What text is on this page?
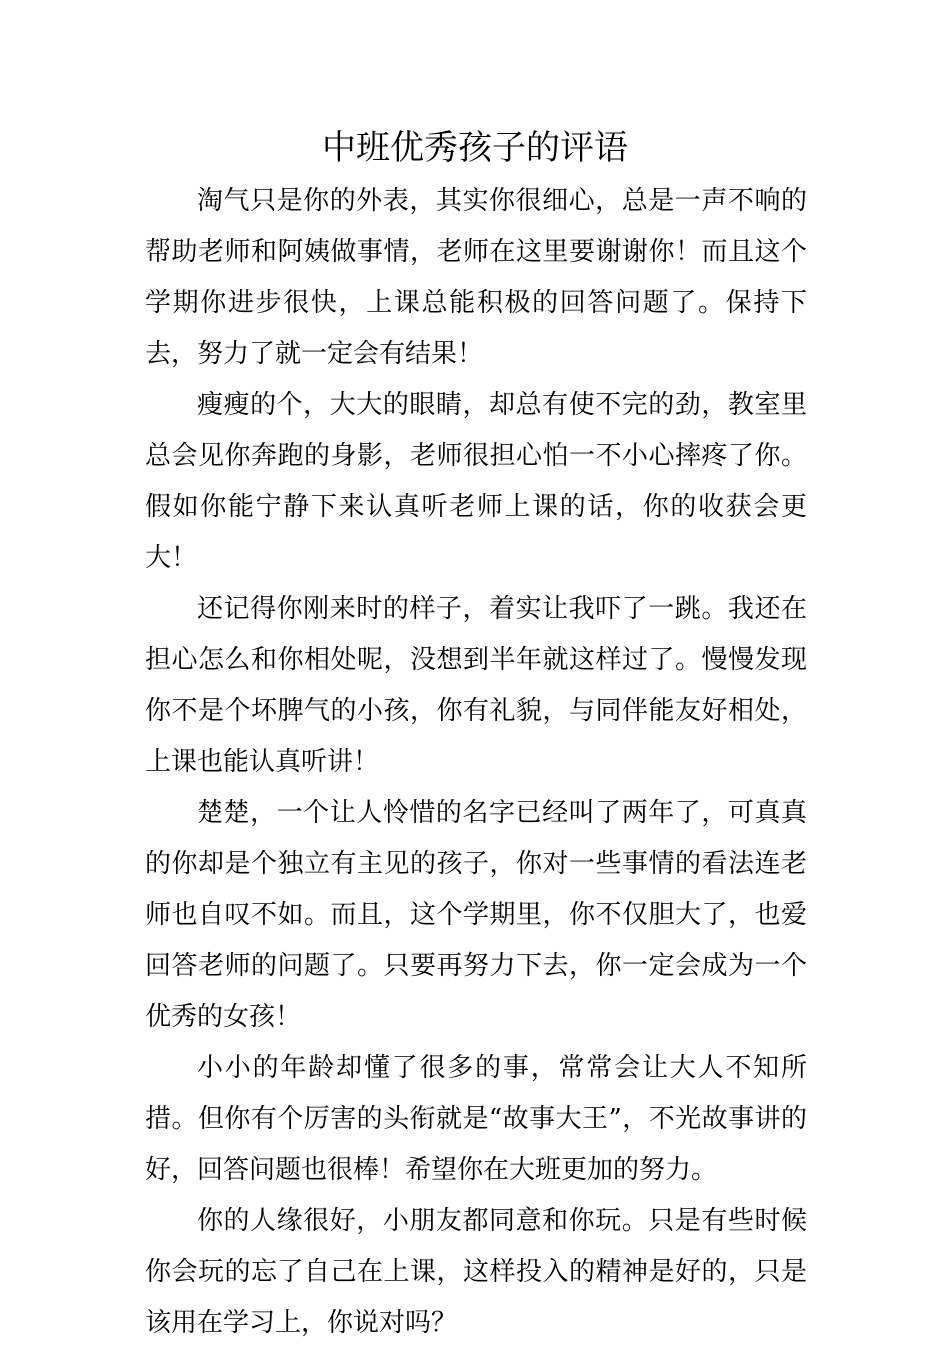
中班优秀孩子的评语

淘气只是你的外表，其实你很细心，总是一声不响的帮助老师和阿姨做事情，老师在这里要谢谢你！而且这个学期你进步很快，上课总能积极的回答问题了。保持下去，努力了就一定会有结果！

瘦瘦的个，大大的眼睛，却总有使不完的劲，教室里总会见你奔跑的身影，老师很担心怕一不小心摔疼了你。假如你能宁静下来认真听老师上课的话，你的收获会更大！

还记得你刚来时的样子，着实让我吓了一跳。我还在担心怎么和你相处呢，没想到半年就这样过了。慢慢发现你不是个坏脾气的小孩，你有礼貌，与同伴能友好相处，上课也能认真听讲！

楚楚，一个让人怜惜的名字已经叫了两年了，可真真的你却是个独立有主见的孩子，你对一些事情的看法连老师也自叹不如。而且，这个学期里，你不仅胆大了，也爱回答老师的问题了。只要再努力下去，你一定会成为一个优秀的女孩！

小小的年龄却懂了很多的事，常常会让大人不知所措。但你有个厉害的头衔就是“故事大王”，不光故事讲的好，回答问题也很棒！希望你在大班更加的努力。

你的人缘很好，小朋友都同意和你玩。只是有些时候你会玩的忘了自己在上课，这样投入的精神是好的，只是该用在学习上，你说对吗？
